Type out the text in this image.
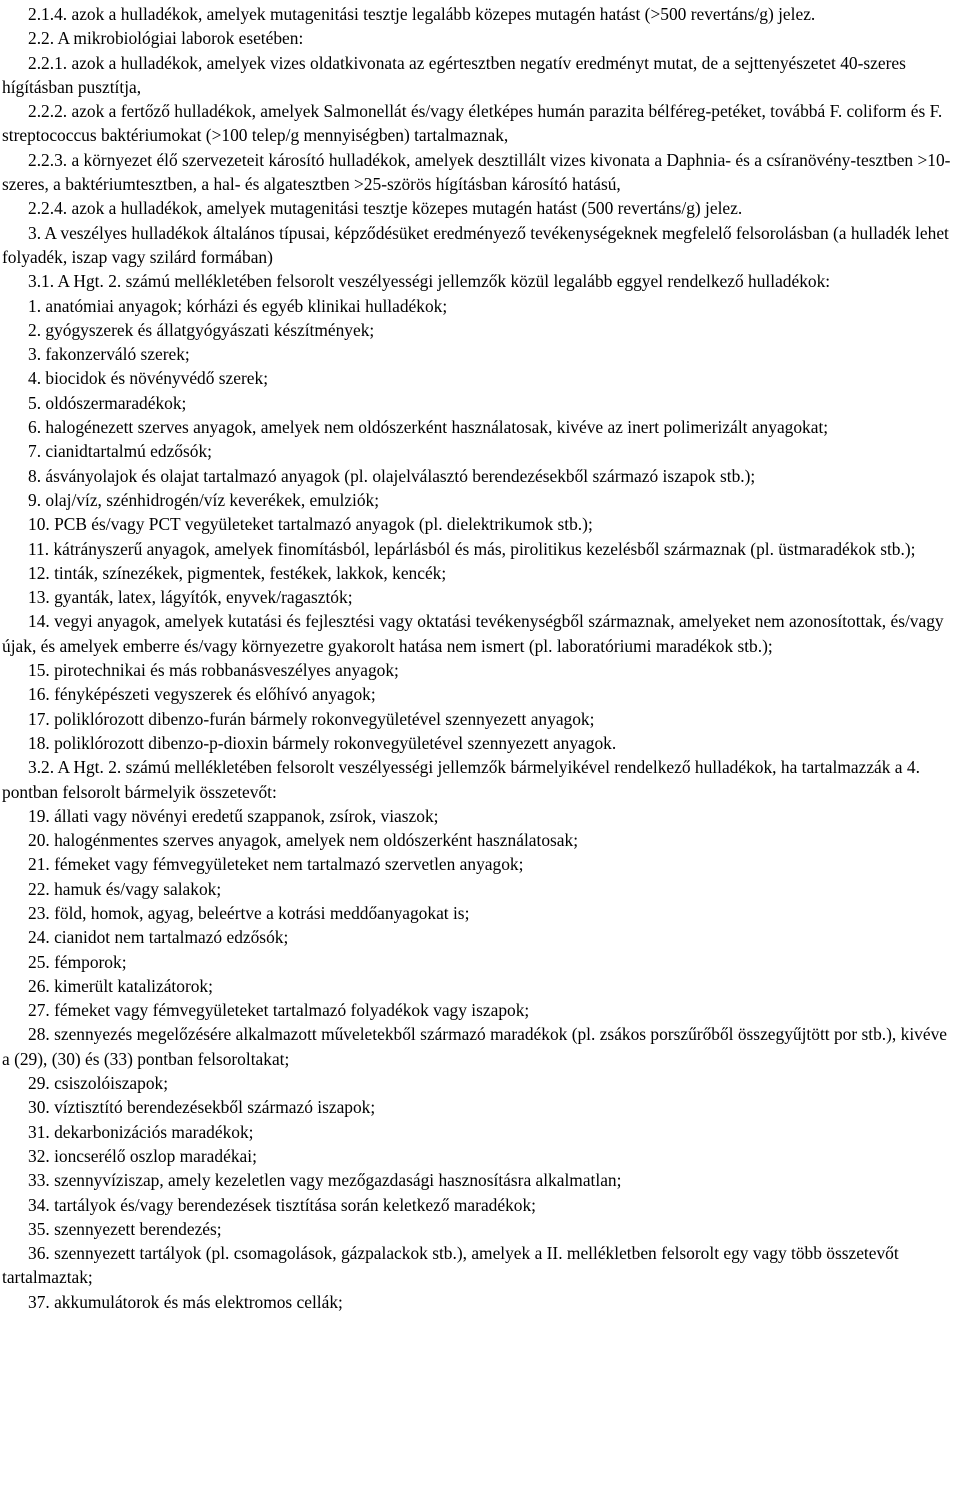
2.1.4. azok a hulladékok, amelyek mutagenitási tesztje legalább közepes mutagén hatást (>500 revertáns/g) jelez.

2.2. A mikrobiológiai laborok esetében:

2.2.1. azok a hulladékok, amelyek vizes oldatkivonata az egértesztben negatív eredményt mutat, de a sejttenyészetet 40-szeres hígításban pusztítja,

2.2.2. azok a fertőző hulladékok, amelyek Salmonellát és/vagy életképes humán parazita bélféreg-petéket, továbbá F. coliform és F. streptococcus baktériumokat (>100 telep/g mennyiségben) tartalmaznak,

2.2.3. a környezet élő szervezeteit károsító hulladékok, amelyek desztillált vizes kivonata a Daphnia- és a csíranövény-tesztben >10-szeres, a baktériumtesztben, a hal- és algatesztben >25-szörös hígításban károsító hatású,

2.2.4. azok a hulladékok, amelyek mutagenitási tesztje közepes mutagén hatást (500 revertáns/g) jelez.

3. A veszélyes hulladékok általános típusai, képződésüket eredményező tevékenységeknek megfelelő felsorolásban (a hulladék lehet folyadék, iszap vagy szilárd formában)

3.1. A Hgt. 2. számú mellékletében felsorolt veszélyességi jellemzők közül legalább eggyel rendelkező hulladékok:

1. anatómiai anyagok; kórházi és egyéb klinikai hulladékok;

2. gyógyszerek és állatgyógyászati készítmények;

3. fakonzerváló szerek;

4. biocidok és növényvédő szerek;

5. oldószermaradékok;

6. halogénezett szerves anyagok, amelyek nem oldószerként használatosak, kivéve az inert polimerizált anyagokat;

7. cianidtartalmú edzősók;

8. ásványolajok és olajat tartalmazó anyagok (pl. olajelválasztó berendezésekből származó iszapok stb.);

9. olaj/víz, szénhidrogén/víz keverékek, emulziók;

10. PCB és/vagy PCT vegyületeket tartalmazó anyagok (pl. dielektrikumok stb.);

11. kátrányszerű anyagok, amelyek finomításból, lepárlásból és más, pirolitikus kezelésből származnak (pl. üstmaradékok stb.);

12. tinták, színezékek, pigmentek, festékek, lakkok, kencék;

13. gyanták, latex, lágyítók, enyvek/ragasztók;

14. vegyi anyagok, amelyek kutatási és fejlesztési vagy oktatási tevékenységből származnak, amelyeket nem azonosítottak, és/vagy újak, és amelyek emberre és/vagy környezetre gyakorolt hatása nem ismert (pl. laboratóriumi maradékok stb.);

15. pirotechnikai és más robbanásveszélyes anyagok;

16. fényképészeti vegyszerek és előhívó anyagok;

17. poliklórozott dibenzo-furán bármely rokonvegyületével szennyezett anyagok;

18. poliklórozott dibenzo-p-dioxin bármely rokonvegyületével szennyezett anyagok.

3.2. A Hgt. 2. számú mellékletében felsorolt veszélyességi jellemzők bármelyikével rendelkező hulladékok, ha tartalmazzák a 4. pontban felsorolt bármelyik összetevőt:

19. állati vagy növényi eredetű szappanok, zsírok, viaszok;

20. halogénmentes szerves anyagok, amelyek nem oldószerként használatosak;

21. fémeket vagy fémvegyületeket nem tartalmazó szervetlen anyagok;

22. hamuk és/vagy salakok;

23. föld, homok, agyag, beleértve a kotrási meddőanyagokat is;

24. cianidot nem tartalmazó edzősók;

25. fémporok;

26. kimerült katalizátorok;

27. fémeket vagy fémvegyületeket tartalmazó folyadékok vagy iszapok;

28. szennyezés megelőzésére alkalmazott műveletekből származó maradékok (pl. zsákos porszűrőből összegyűjtött por stb.), kivéve a (29), (30) és (33) pontban felsoroltakat;

29. csiszolóiszapok;

30. víztisztító berendezésekből származó iszapok;

31. dekarbonizációs maradékok;

32. ioncserélő oszlop maradékai;

33. szennyvíziszap, amely kezeletlen vagy mezőgazdasági hasznosításra alkalmatlan;

34. tartályok és/vagy berendezések tisztítása során keletkező maradékok;

35. szennyezett berendezés;

36. szennyezett tartályok (pl. csomagolások, gázpalackok stb.), amelyek a II. mellékletben felsorolt egy vagy több összetevőt tartalmaztak;

37. akkumulátorok és más elektromos cellák;
